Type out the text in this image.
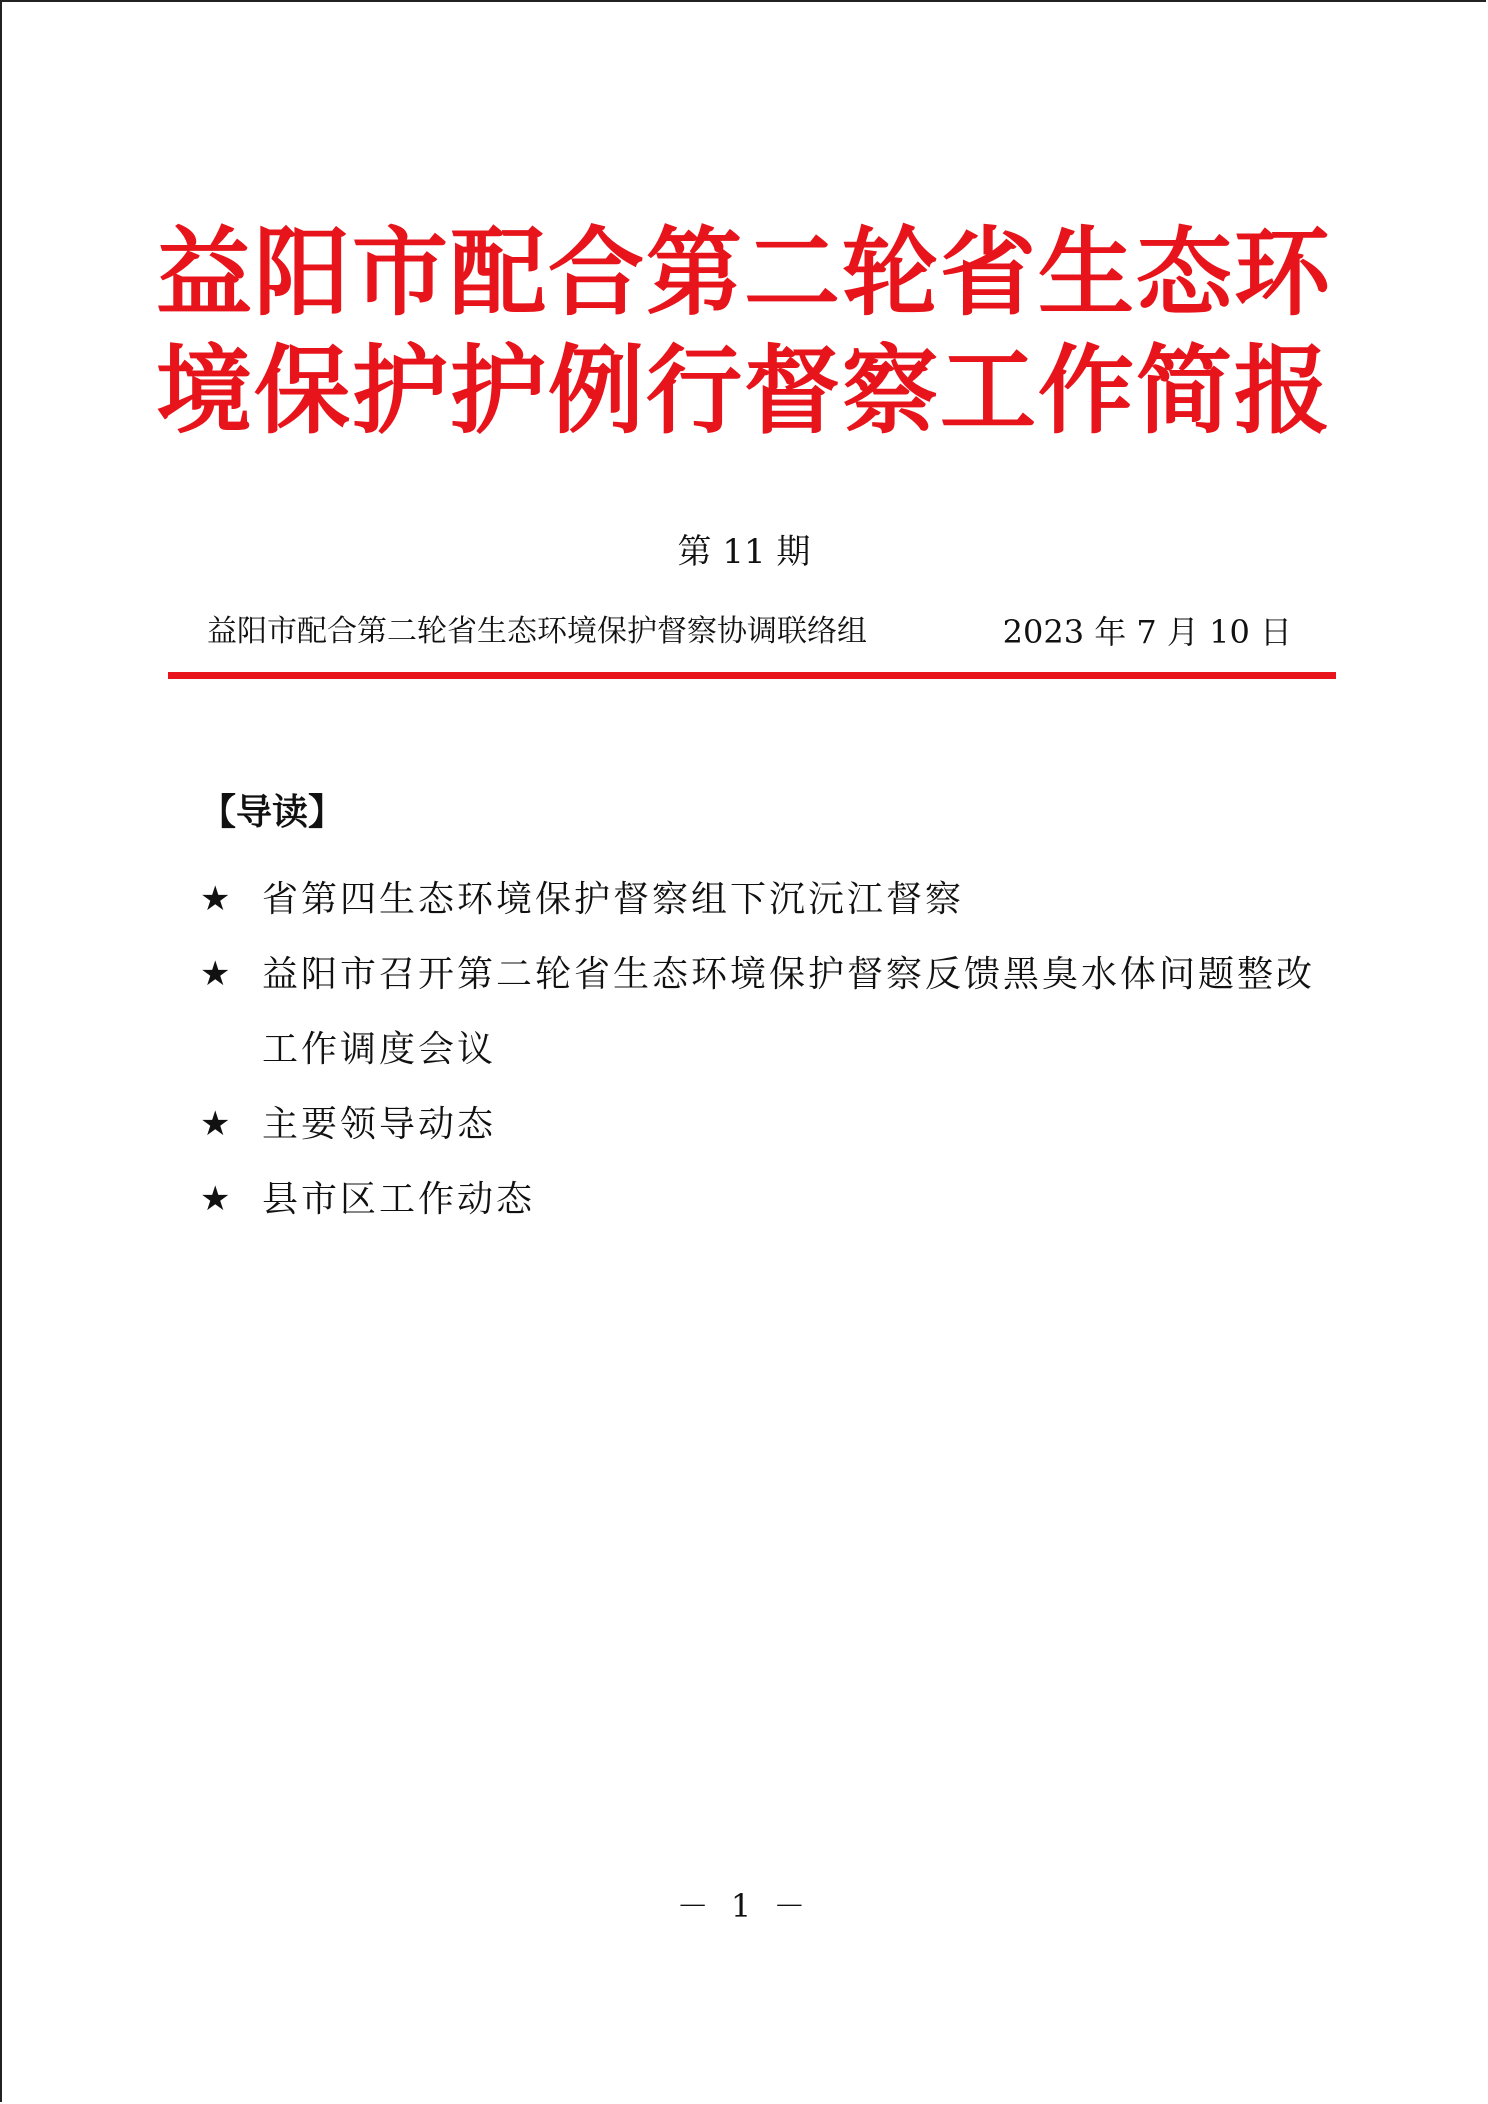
益阳市配合第二轮省生态环
境保护护例行督察工作简报
第 11 期
益阳市配合第二轮省生态环境保护督察协调联络组	2023 年 7 月 10 日
【导读】
★ 省第四生态环境保护督察组下沉沅江督察
★ 益阳市召开第二轮省生态环境保护督察反馈黑臭水体问题整改工作调度会议
★ 主要领导动态
★ 县市区工作动态
－ 1 －
